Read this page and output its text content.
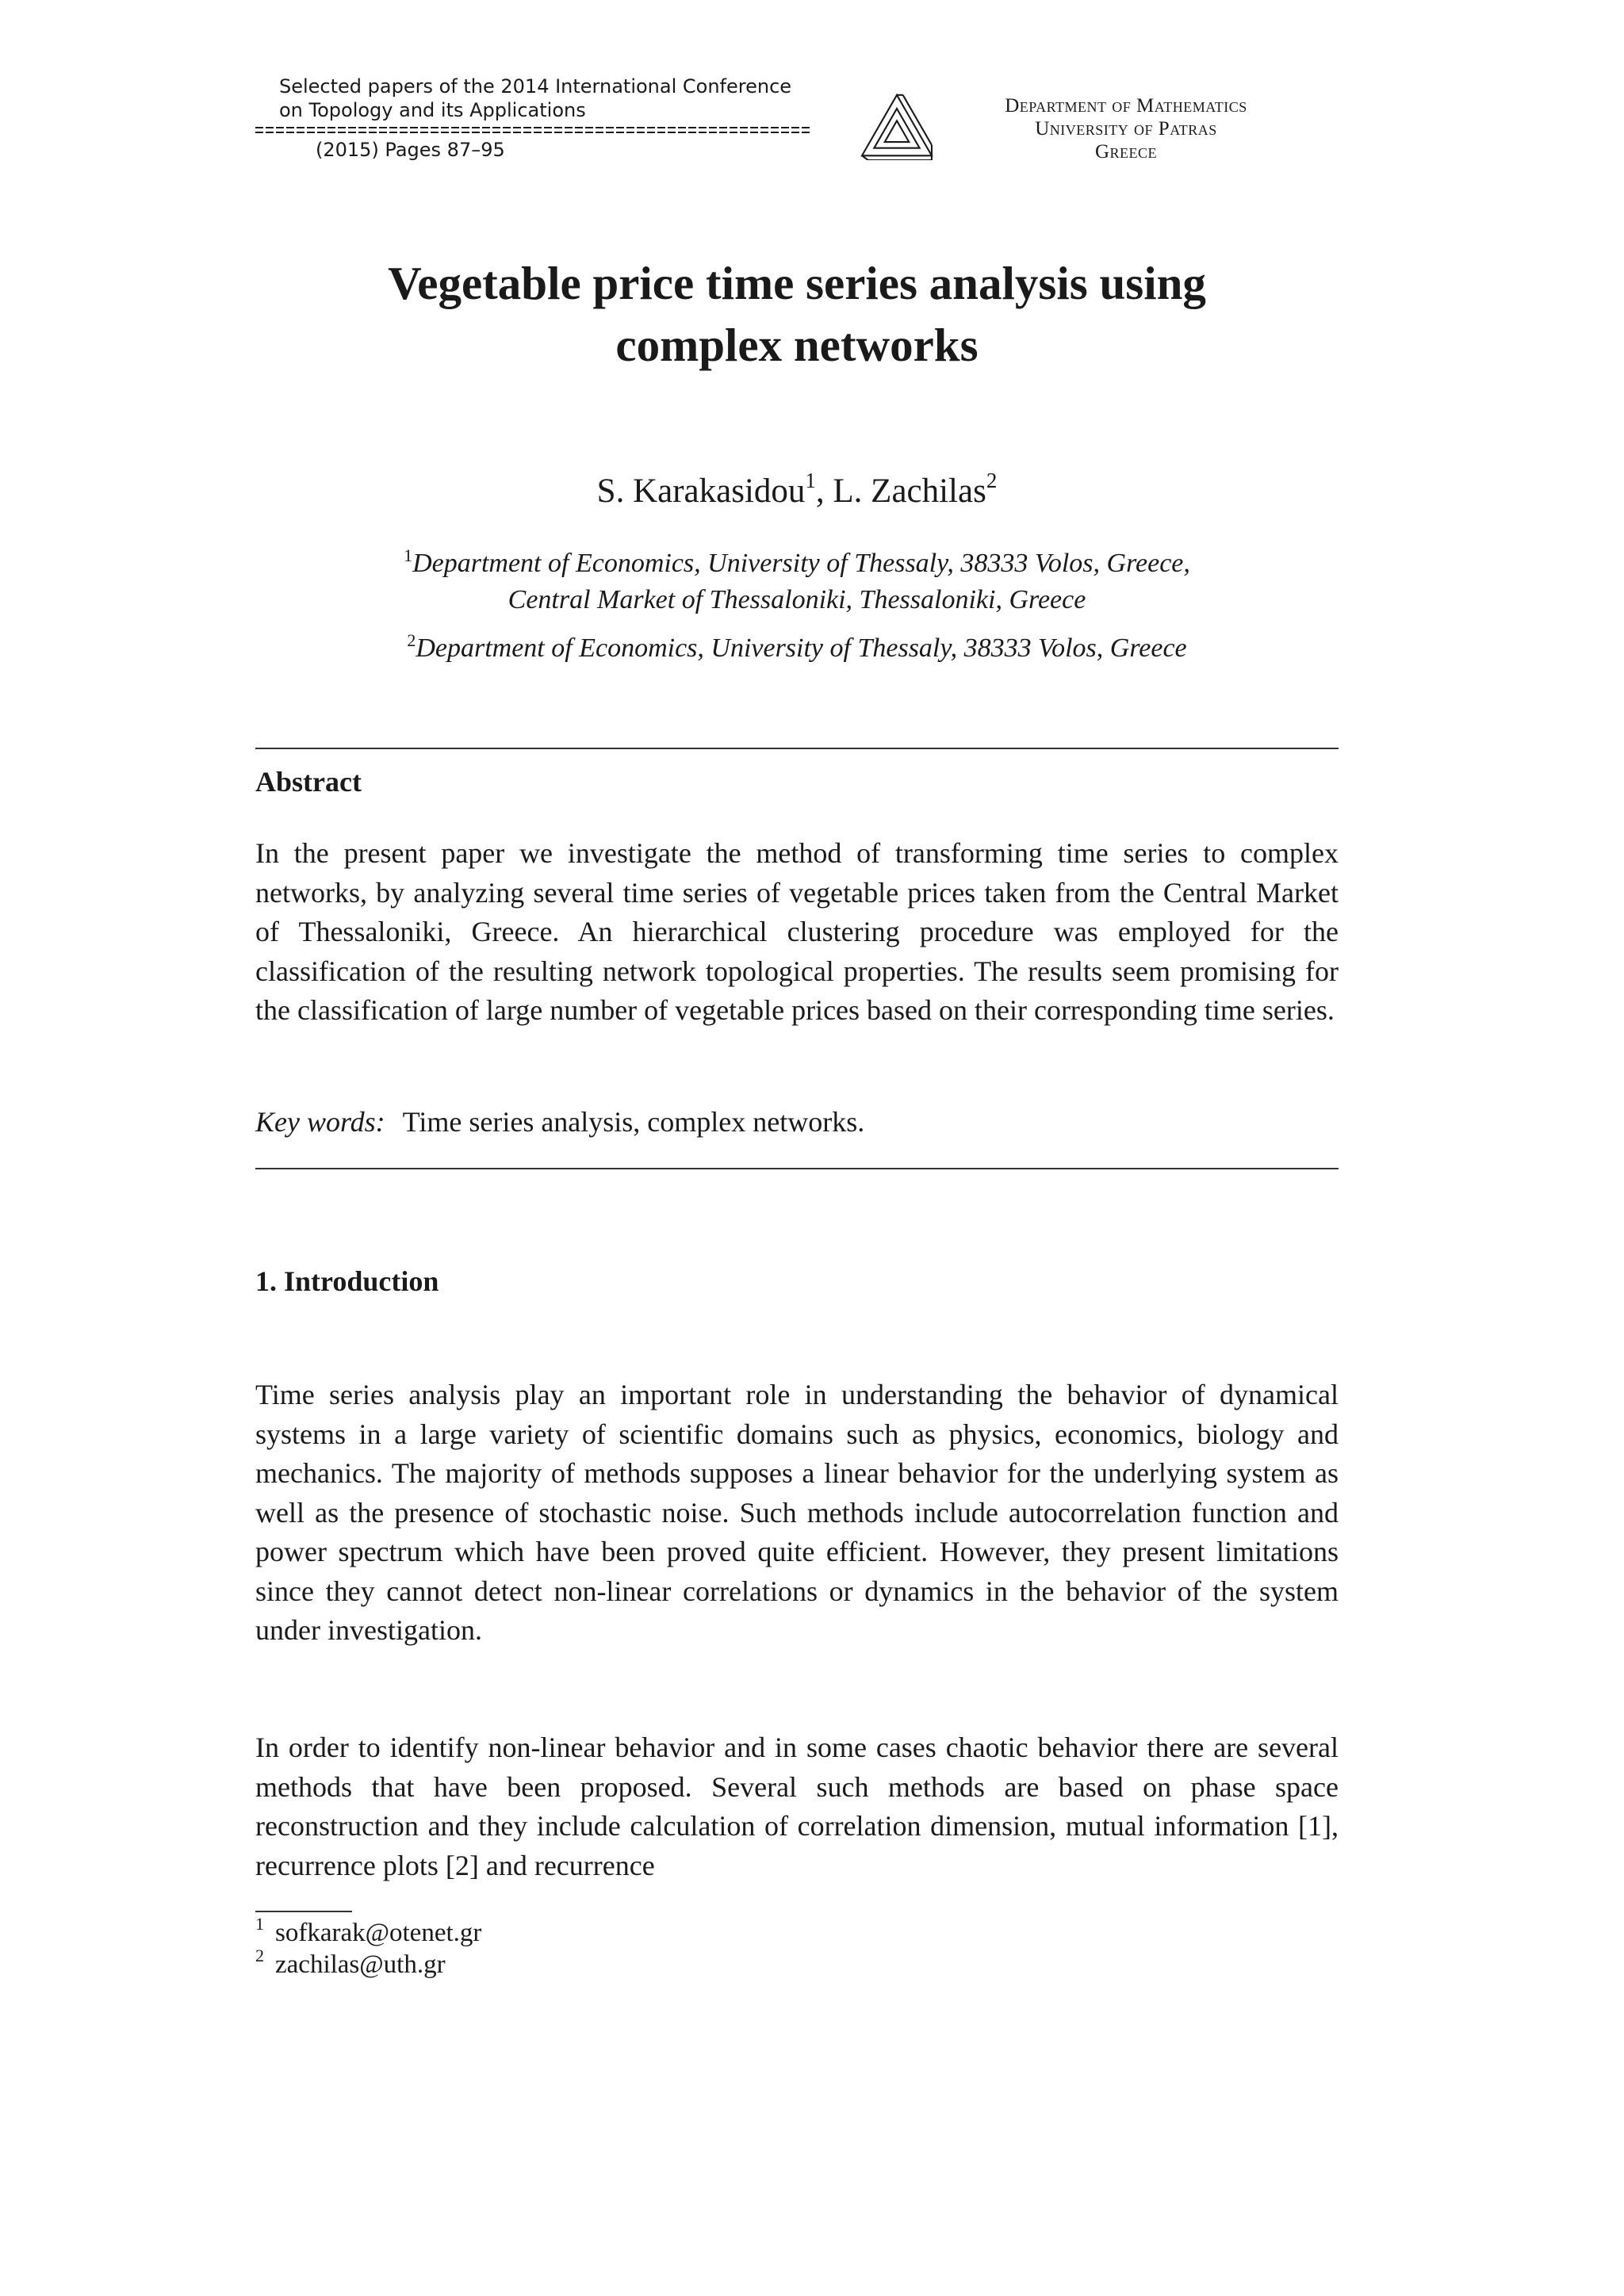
Selected papers of the 2014 International Conference
on Topology and its Applications
(2015) Pages 87–95
Department of Mathematics
University of Patras
Greece
Vegetable price time series analysis using
complex networks
S. Karakasidou$^1$, L. Zachilas$^2$
$^1$Department of Economics, University of Thessaly, 38333 Volos, Greece,
Central Market of Thessaloniki, Thessaloniki, Greece
$^2$Department of Economics, University of Thessaly, 38333 Volos, Greece
Abstract
In the present paper we investigate the method of transforming time series to complex networks, by analyzing several time series of vegetable prices taken from the Central Market of Thessaloniki, Greece. An hierarchical clustering procedure was employed for the classification of the resulting network topological properties. The results seem promising for the classification of large number of vegetable prices based on their corresponding time series.
Key words: Time series analysis, complex networks.
1. Introduction
Time series analysis play an important role in understanding the behavior of dynamical systems in a large variety of scientific domains such as physics, economics, biology and mechanics. The majority of methods supposes a linear behavior for the underlying system as well as the presence of stochastic noise. Such methods include autocorrelation function and power spectrum which have been proved quite efficient. However, they present limitations since they cannot detect non-linear correlations or dynamics in the behavior of the system under investigation.
In order to identify non-linear behavior and in some cases chaotic behavior there are several methods that have been proposed. Several such methods are based on phase space reconstruction and they include calculation of correlation dimension, mutual information [1], recurrence plots [2] and recurrence
$^1$ sofkarak@otenet.gr
$^2$ zachilas@uth.gr
